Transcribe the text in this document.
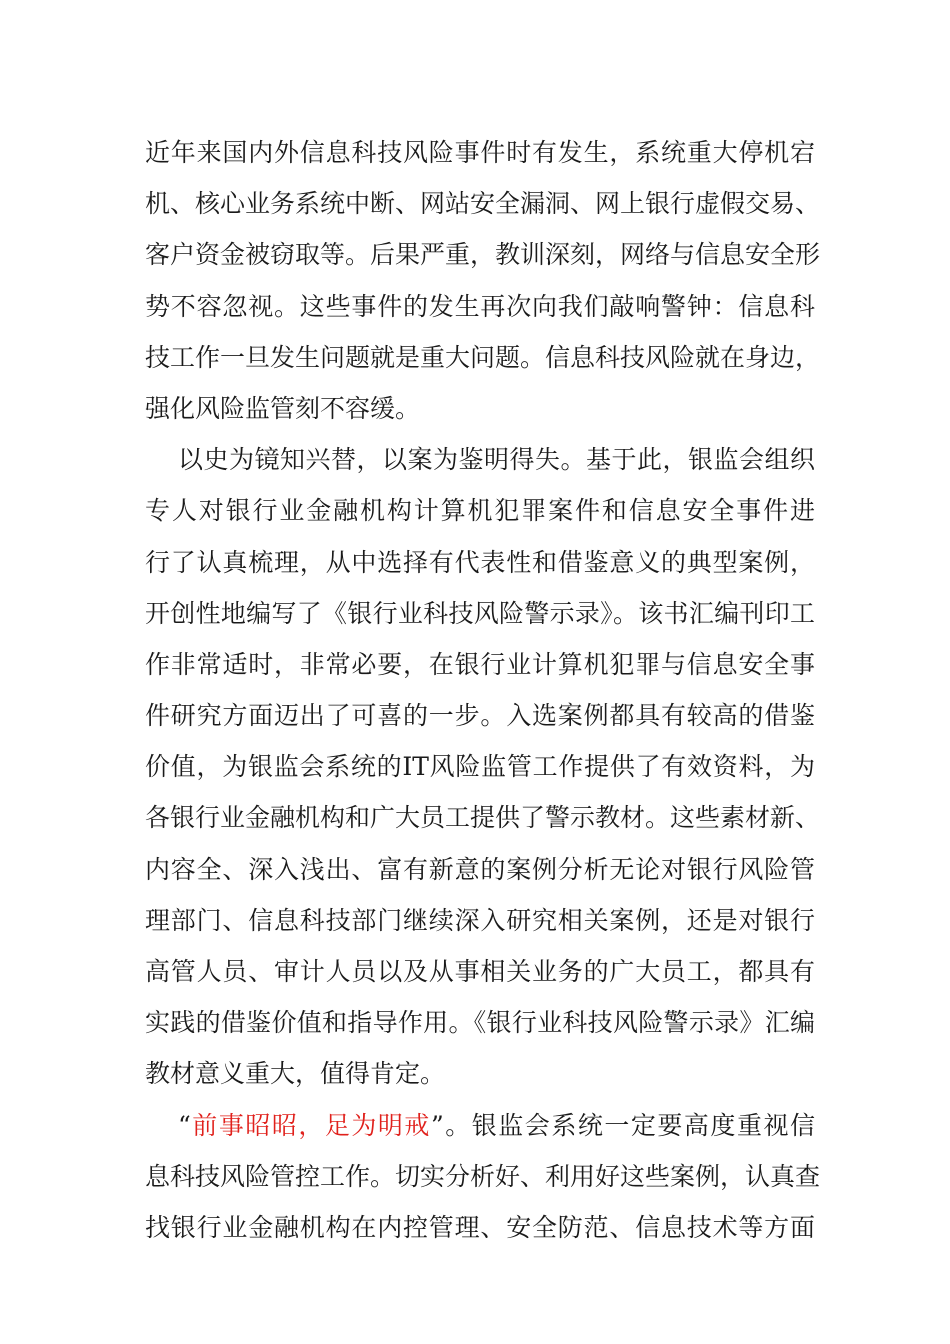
近年来国内外信息科技风险事件时有发生，系统重大停机宕
机、核心业务系统中断、网站安全漏洞、网上银行虚假交易、
客户资金被窃取等。后果严重，教训深刻，网络与信息安全形
势不容忽视。这些事件的发生再次向我们敲响警钟：信息科
技工作一旦发生问题就是重大问题。信息科技风险就在身边，
强化风险监管刻不容缓。
以史为镜知兴替，以案为鉴明得失。基于此，银监会组织
专人对银行业金融机构计算机犯罪案件和信息安全事件进
行了认真梳理，从中选择有代表性和借鉴意义的典型案例，
开创性地编写了《银行业科技风险警示录》。该书汇编刊印工
作非常适时，非常必要，在银行业计算机犯罪与信息安全事
件研究方面迈出了可喜的一步。入选案例都具有较高的借鉴
价值，为银监会系统的IT风险监管工作提供了有效资料，为
各银行业金融机构和广大员工提供了警示教材。这些素材新、
内容全、深入浅出、富有新意的案例分析无论对银行风险管
理部门、信息科技部门继续深入研究相关案例，还是对银行
高管人员、审计人员以及从事相关业务的广大员工，都具有
实践的借鉴价值和指导作用。《银行业科技风险警示录》汇编
教材意义重大，值得肯定。
“前事昭昭，足为明戒”。银监会系统一定要高度重视信
息科技风险管控工作。切实分析好、利用好这些案例，认真查
找银行业金融机构在内控管理、安全防范、信息技术等方面
